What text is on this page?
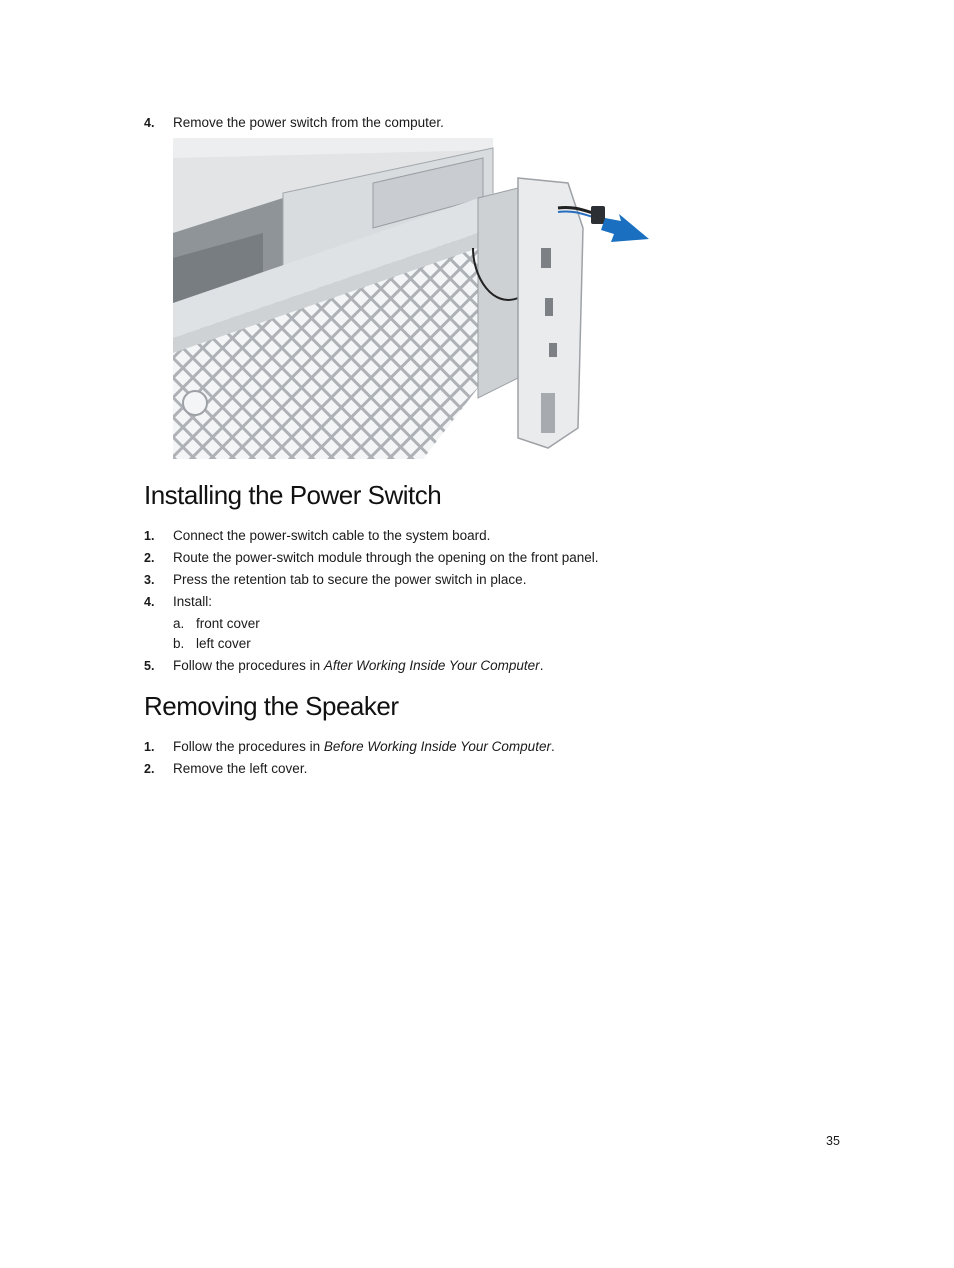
4.	Remove the power switch from the computer.
Installing the Power Switch
1.	Connect the power-switch cable to the system board.
2.	Route the power-switch module through the opening on the front panel.
3.	Press the retention tab to secure the power switch in place.
4.	Install:
a. front cover
b. left cover
5.	Follow the procedures in After Working Inside Your Computer.
Removing the Speaker
1.	Follow the procedures in Before Working Inside Your Computer.
2.	Remove the left cover.
35
